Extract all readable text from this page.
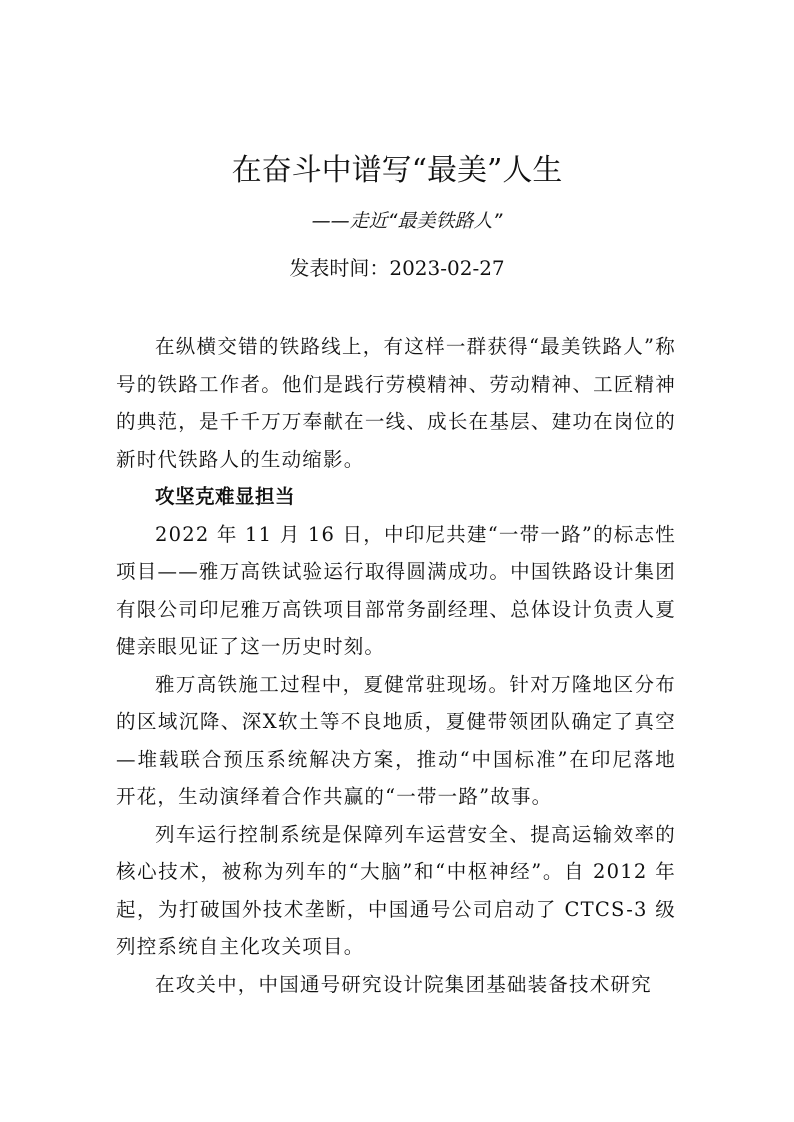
在奋斗中谱写“最美”人生
——走近“最美铁路人”
发表时间：2023-02-27

在纵横交错的铁路线上，有这样一群获得“最美铁路人”称号的铁路工作者。他们是践行劳模精神、劳动精神、工匠精神的典范，是千千万万奉献在一线、成长在基层、建功在岗位的新时代铁路人的生动缩影。

攻坚克难显担当

2022 年 11 月 16 日，中印尼共建“一带一路”的标志性项目——雅万高铁试验运行取得圆满成功。中国铁路设计集团有限公司印尼雅万高铁项目部常务副经理、总体设计负责人夏健亲眼见证了这一历史时刻。

雅万高铁施工过程中，夏健常驻现场。针对万隆地区分布的区域沉降、深X软土等不良地质，夏健带领团队确定了真空—堆载联合预压系统解决方案，推动“中国标准”在印尼落地开花，生动演绎着合作共赢的“一带一路”故事。

列车运行控制系统是保障列车运营安全、提高运输效率的核心技术，被称为列车的“大脑”和“中枢神经”。自 2012 年起，为打破国外技术垄断，中国通号公司启动了 CTCS-3 级列控系统自主化攻关项目。

在攻关中，中国通号研究设计院集团基础装备技术研究
